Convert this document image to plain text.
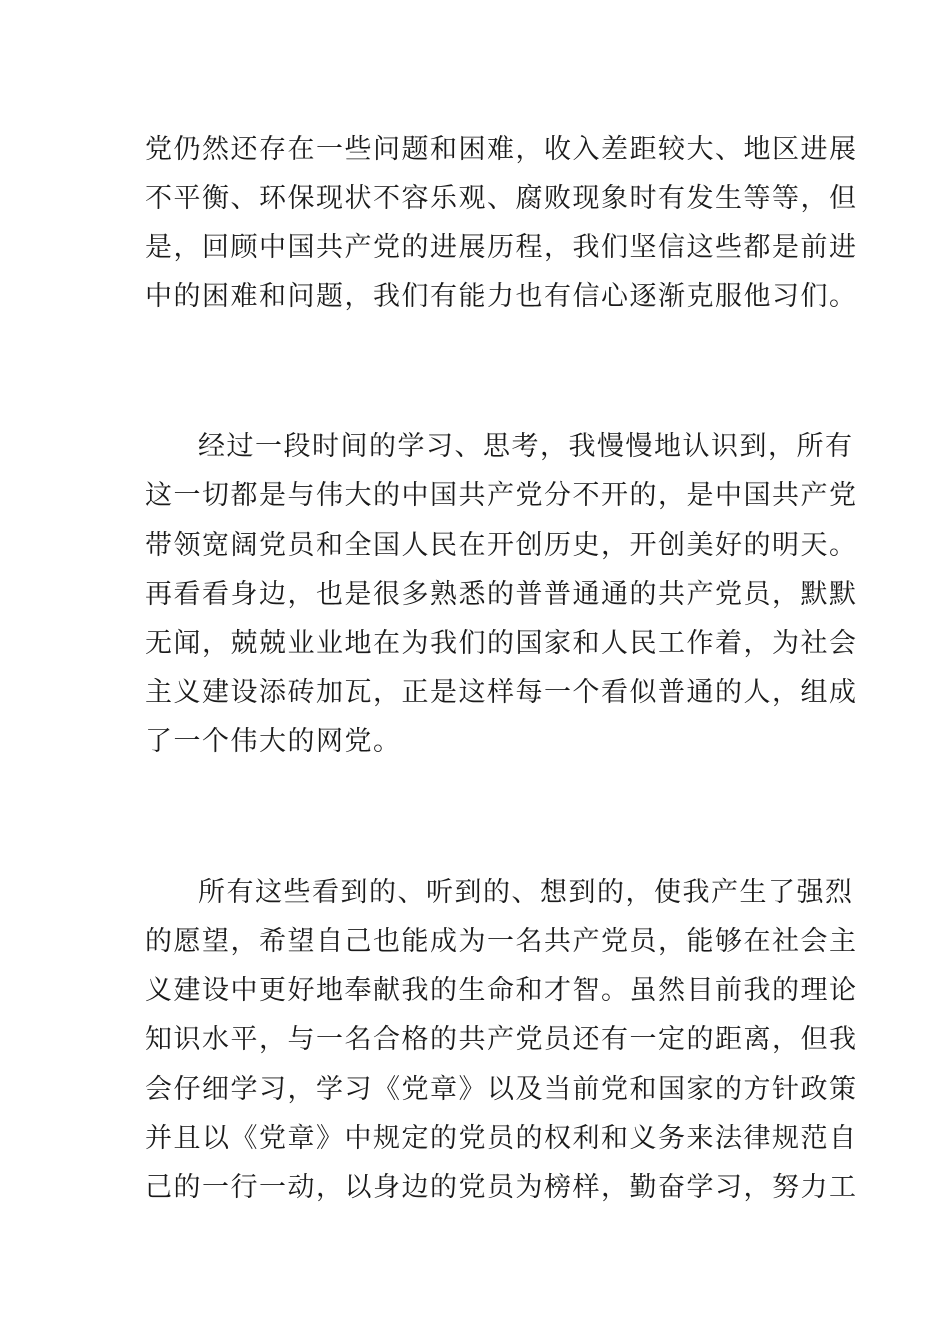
党仍然还存在一些问题和困难，收入差距较大、地区进展
不平衡、环保现状不容乐观、腐败现象时有发生等等，但
是，回顾中国共产党的进展历程，我们坚信这些都是前进
中的困难和问题，我们有能力也有信心逐渐克服他习们。
经过一段时间的学习、思考，我慢慢地认识到，所有
这一切都是与伟大的中国共产党分不开的，是中国共产党
带领宽阔党员和全国人民在开创历史，开创美好的明天。
再看看身边，也是很多熟悉的普普通通的共产党员，默默
无闻，兢兢业业地在为我们的国家和人民工作着，为社会
主义建设添砖加瓦，正是这样每一个看似普通的人，组成
了一个伟大的网党。
所有这些看到的、听到的、想到的，使我产生了强烈
的愿望，希望自己也能成为一名共产党员，能够在社会主
义建设中更好地奉献我的生命和才智。虽然目前我的理论
知识水平，与一名合格的共产党员还有一定的距离，但我
会仔细学习，学习《党章》以及当前党和国家的方针政策
并且以《党章》中规定的党员的权利和义务来法律规范自
己的一行一动，以身边的党员为榜样，勤奋学习，努力工
